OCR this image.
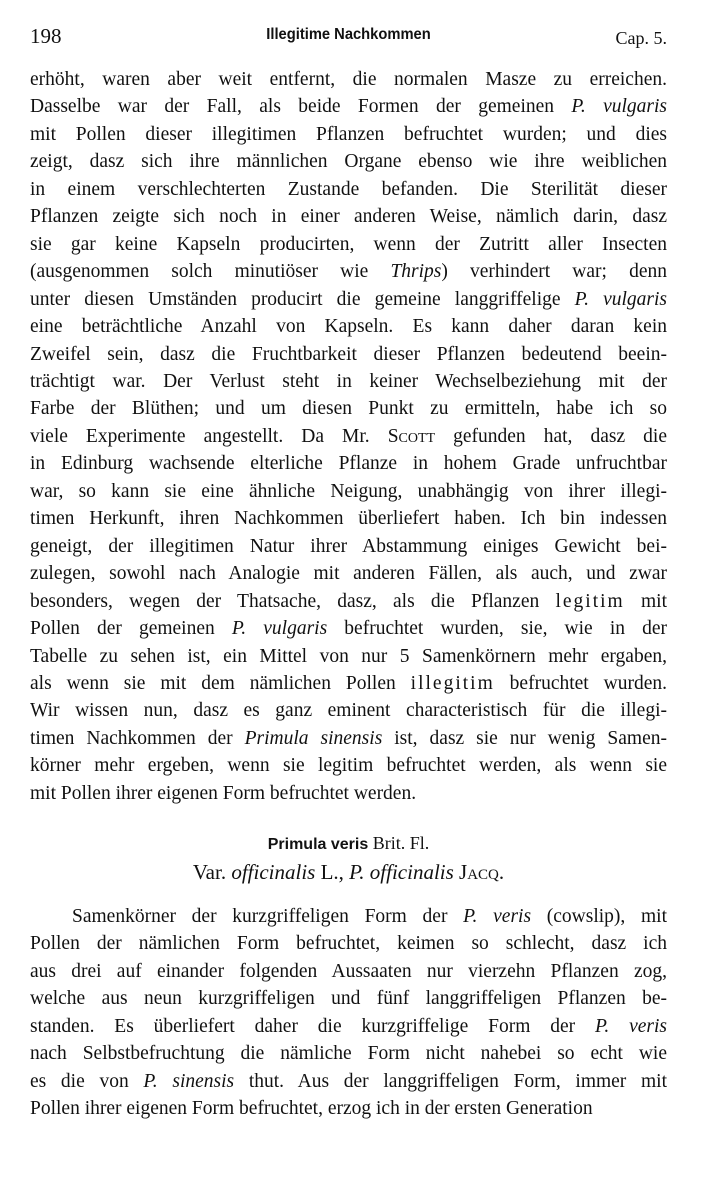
198	Illegitime Nachkommen	Cap. 5.
erhöht, waren aber weit entfernt, die normalen Masze zu erreichen.
Dasselbe war der Fall, als beide Formen der gemeinen P. vulgaris
mit Pollen dieser illegitimen Pflanzen befruchtet wurden; und dies
zeigt, dasz sich ihre männlichen Organe ebenso wie ihre weiblichen
in einem verschlechterten Zustande befanden. Die Sterilität dieser
Pflanzen zeigte sich noch in einer anderen Weise, nämlich darin, dasz
sie gar keine Kapseln producirten, wenn der Zutritt aller Insecten
(ausgenommen solch minutiöser wie Thrips) verhindert war; denn
unter diesen Umständen producirt die gemeine langgriffelige P. vulgaris
eine beträchtliche Anzahl von Kapseln. Es kann daher daran kein
Zweifel sein, dasz die Fruchtbarkeit dieser Pflanzen bedeutend beein-
trächtigt war. Der Verlust steht in keiner Wechselbeziehung mit der
Farbe der Blüthen; und um diesen Punkt zu ermitteln, habe ich so
viele Experimente angestellt. Da Mr. Scott gefunden hat, dasz die
in Edinburg wachsende elterliche Pflanze in hohem Grade unfruchtbar
war, so kann sie eine ähnliche Neigung, unabhängig von ihrer illegi-
timen Herkunft, ihren Nachkommen überliefert haben. Ich bin indessen
geneigt, der illegitimen Natur ihrer Abstammung einiges Gewicht bei-
zulegen, sowohl nach Analogie mit anderen Fällen, als auch, und zwar
besonders, wegen der Thatsache, dasz, als die Pflanzen legitim mit
Pollen der gemeinen P. vulgaris befruchtet wurden, sie, wie in der
Tabelle zu sehen ist, ein Mittel von nur 5 Samenkörnern mehr ergaben,
als wenn sie mit dem nämlichen Pollen illegitim befruchtet wurden.
Wir wissen nun, dasz es ganz eminent characteristisch für die illegi-
timen Nachkommen der Primula sinensis ist, dasz sie nur wenig Samen-
körner mehr ergeben, wenn sie legitim befruchtet werden, als wenn sie
mit Pollen ihrer eigenen Form befruchtet werden.
Primula veris Brit. Fl.
Var. officinalis L., P. officinalis Jacq.
Samenkörner der kurzgriffeligen Form der P. veris (cowslip), mit
Pollen der nämlichen Form befruchtet, keimen so schlecht, dasz ich
aus drei auf einander folgenden Aussaaten nur vierzehn Pflanzen zog,
welche aus neun kurzgriffeligen und fünf langgriffeligen Pflanzen be-
standen. Es überliefert daher die kurzgriffelige Form der P. veris
nach Selbstbefruchtung die nämliche Form nicht nahebei so echt wie
es die von P. sinensis thut. Aus der langgriffeligen Form, immer mit
Pollen ihrer eigenen Form befruchtet, erzog ich in der ersten Generation
